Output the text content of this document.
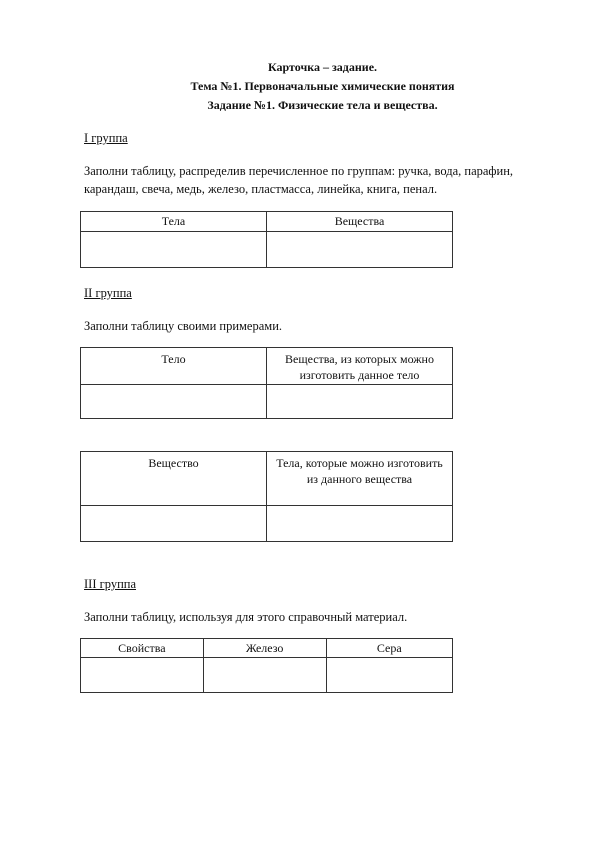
Карточка – задание.
Тема №1. Первоначальные химические понятия
Задание №1. Физические тела и вещества.
I группа
Заполни таблицу, распределив перечисленное по группам: ручка, вода, парафин, карандаш, свеча, медь, железо, пластмасса, линейка, книга, пенал.
Тела	Вещества

II группа
Заполни таблицу своими примерами.
Тело	Вещества, из которых можно изготовить данное тело

Вещество	Тела, которые можно изготовить из данного вещества

III группа
Заполни таблицу, используя для этого справочный материал.
Свойства	Железо	Сера
